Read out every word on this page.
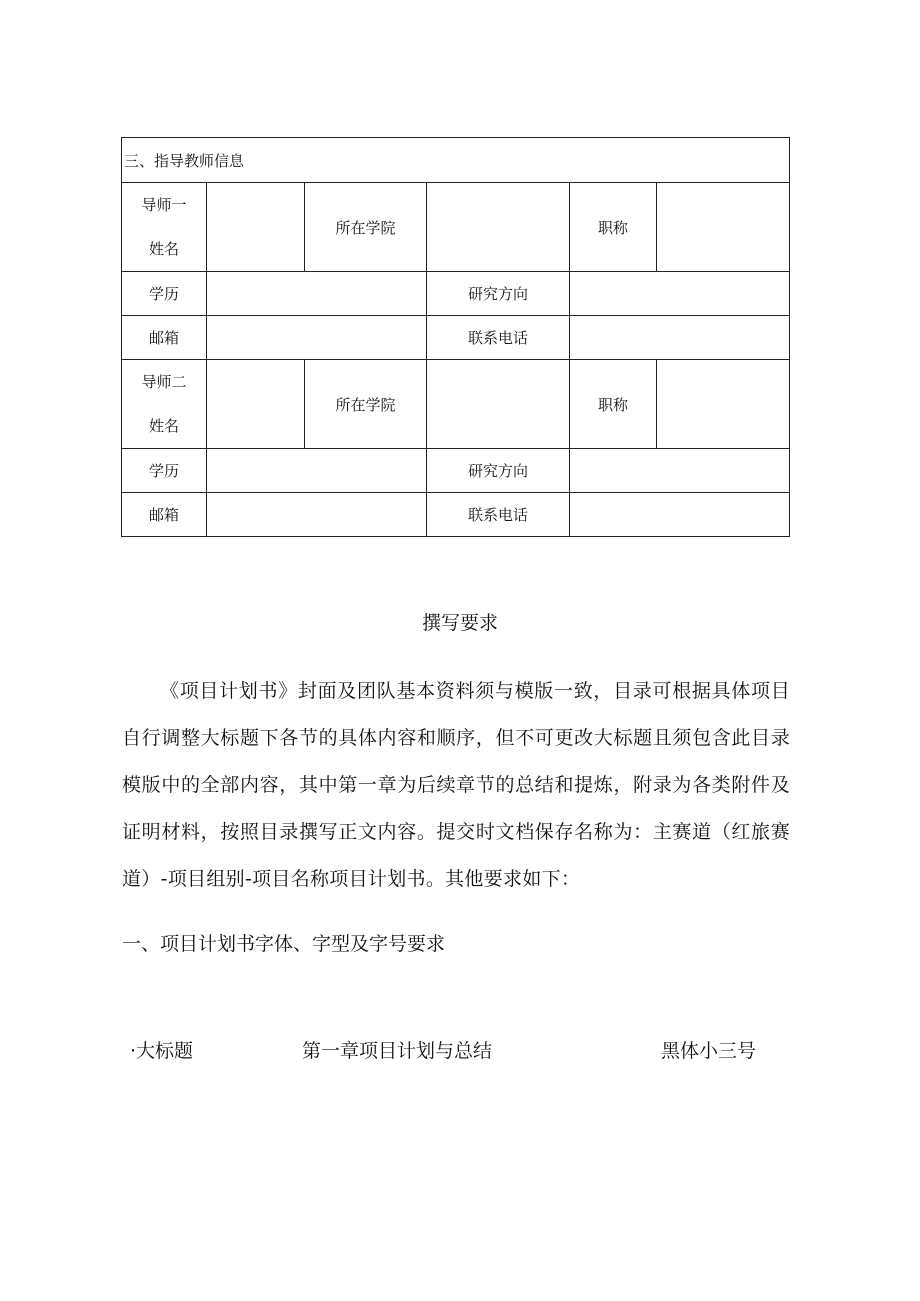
三、指导教师信息					

导师一
姓名		所在学院		职称	
学历			研究方向		
邮箱			联系电话		

导师二
姓名		所在学院		职称	
学历			研究方向		
邮箱			联系电话		
撰写要求

《项目计划书》封面及团队基本资料须与模版一致，目录可根据具体项目自行调整大标题下各节的具体内容和顺序，但不可更改大标题且须包含此目录模版中的全部内容，其中第一章为后续章节的总结和提炼，附录为各类附件及证明材料，按照目录撰写正文内容。提交时文档保存名称为：主赛道（红旅赛道）-项目组别-项目名称项目计划书。其他要求如下：

一、项目计划书字体、字型及字号要求
·大标题	第一章项目计划与总结	黑体小三号
